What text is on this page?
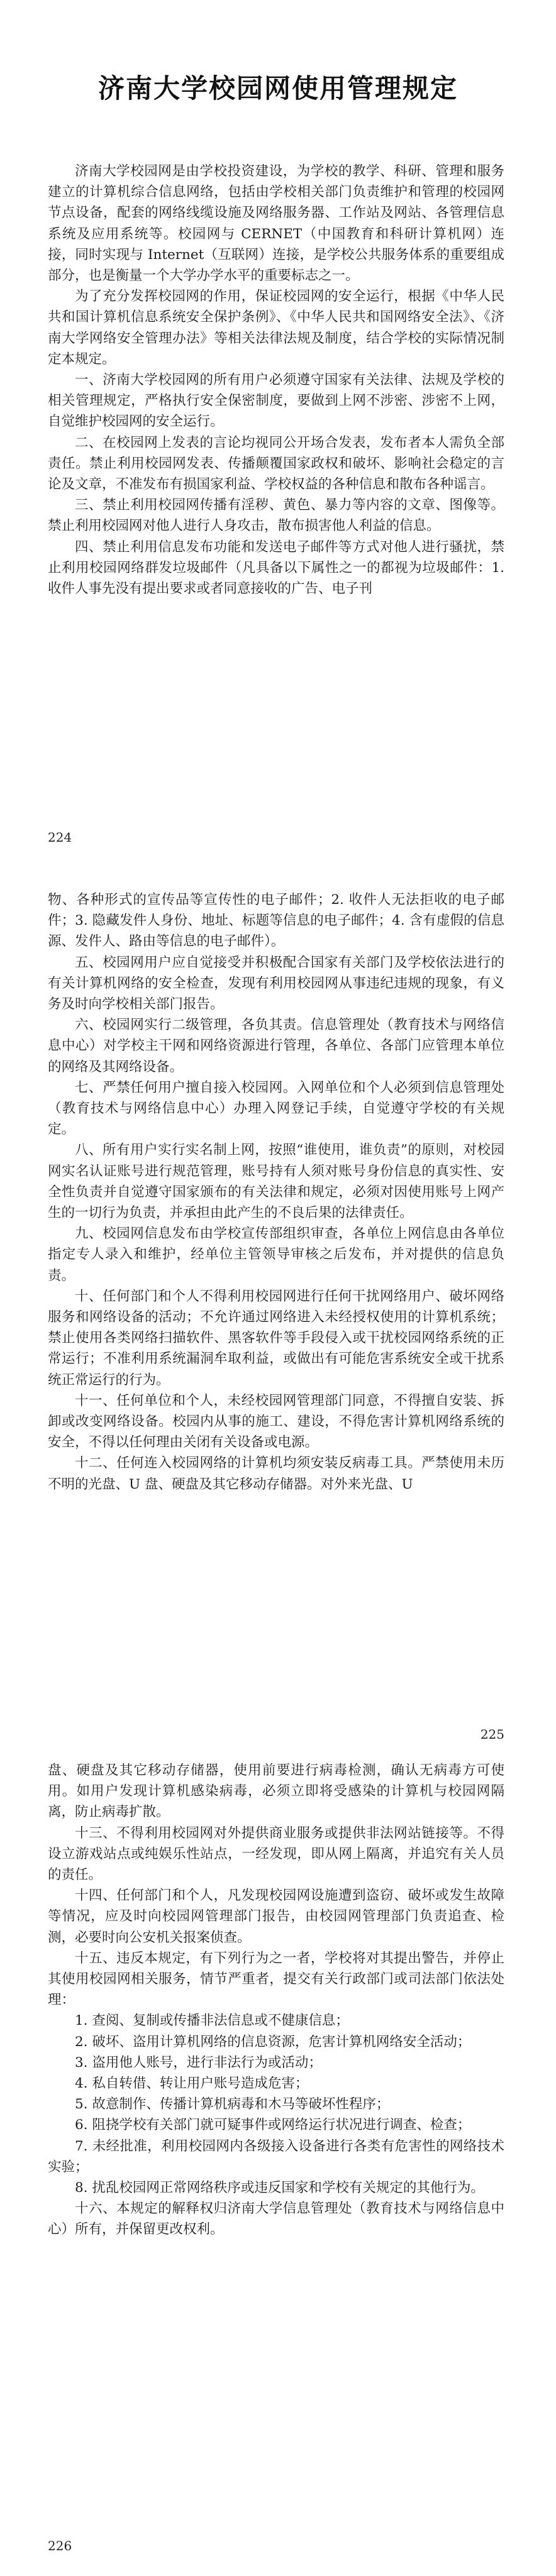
济南大学校园网使用管理规定

济南大学校园网是由学校投资建设，为学校的教学、科研、管理和服务建立的计算机综合信息网络，包括由学校相关部门负责维护和管理的校园网节点设备，配套的网络线缆设施及网络服务器、工作站及网站、各管理信息系统及应用系统等。校园网与 CERNET（中国教育和科研计算机网）连接，同时实现与 Internet（互联网）连接，是学校公共服务体系的重要组成部分，也是衡量一个大学办学水平的重要标志之一。

为了充分发挥校园网的作用，保证校园网的安全运行，根据《中华人民共和国计算机信息系统安全保护条例》、《中华人民共和国网络安全法》、《济南大学网络安全管理办法》等相关法律法规及制度，结合学校的实际情况制定本规定。

一、济南大学校园网的所有用户必须遵守国家有关法律、法规及学校的相关管理规定，严格执行安全保密制度，要做到上网不涉密、涉密不上网，自觉维护校园网的安全运行。

二、在校园网上发表的言论均视同公开场合发表，发布者本人需负全部责任。禁止利用校园网发表、传播颠覆国家政权和破坏、影响社会稳定的言论及文章，不准发布有损国家利益、学校权益的各种信息和散布各种谣言。

三、禁止利用校园网传播有淫秽、黄色、暴力等内容的文章、图像等。禁止利用校园网对他人进行人身攻击，散布损害他人利益的信息。

四、禁止利用信息发布功能和发送电子邮件等方式对他人进行骚扰，禁止利用校园网络群发垃圾邮件（凡具备以下属性之一的都视为垃圾邮件：1. 收件人事先没有提出要求或者同意接收的广告、电子刊

224

物、各种形式的宣传品等宣传性的电子邮件；2. 收件人无法拒收的电子邮件；3. 隐藏发件人身份、地址、标题等信息的电子邮件；4. 含有虚假的信息源、发件人、路由等信息的电子邮件）。

五、校园网用户应自觉接受并积极配合国家有关部门及学校依法进行的有关计算机网络的安全检查，发现有利用校园网从事违纪违规的现象，有义务及时向学校相关部门报告。

六、校园网实行二级管理，各负其责。信息管理处（教育技术与网络信息中心）对学校主干网和网络资源进行管理，各单位、各部门应管理本单位的网络及其网络设备。

七、严禁任何用户擅自接入校园网。入网单位和个人必须到信息管理处（教育技术与网络信息中心）办理入网登记手续，自觉遵守学校的有关规定。

八、所有用户实行实名制上网，按照“谁使用，谁负责”的原则，对校园网实名认证账号进行规范管理，账号持有人须对账号身份信息的真实性、安全性负责并自觉遵守国家颁布的有关法律和规定，必须对因使用账号上网产生的一切行为负责，并承担由此产生的不良后果的法律责任。

九、校园网信息发布由学校宣传部组织审查，各单位上网信息由各单位指定专人录入和维护，经单位主管领导审核之后发布，并对提供的信息负责。

十、任何部门和个人不得利用校园网进行任何干扰网络用户、破坏网络服务和网络设备的活动；不允许通过网络进入未经授权使用的计算机系统；禁止使用各类网络扫描软件、黑客软件等手段侵入或干扰校园网络系统的正常运行；不准利用系统漏洞牟取利益，或做出有可能危害系统安全或干扰系统正常运行的行为。

十一、任何单位和个人，未经校园网管理部门同意，不得擅自安装、拆卸或改变网络设备。校园内从事的施工、建设，不得危害计算机网络系统的安全，不得以任何理由关闭有关设备或电源。

十二、任何连入校园网络的计算机均须安装反病毒工具。严禁使用未历不明的光盘、U 盘、硬盘及其它移动存储器。对外来光盘、U

225

盘、硬盘及其它移动存储器，使用前要进行病毒检测，确认无病毒方可使用。如用户发现计算机感染病毒，必须立即将受感染的计算机与校园网隔离，防止病毒扩散。

十三、不得利用校园网对外提供商业服务或提供非法网站链接等。不得设立游戏站点或纯娱乐性站点，一经发现，即从网上隔离，并追究有关人员的责任。

十四、任何部门和个人，凡发现校园网设施遭到盗窃、破坏或发生故障等情况，应及时向校园网管理部门报告，由校园网管理部门负责追查、检测，必要时向公安机关报案侦查。

十五、违反本规定，有下列行为之一者，学校将对其提出警告，并停止其使用校园网相关服务，情节严重者，提交有关行政部门或司法部门依法处理：

1. 查阅、复制或传播非法信息或不健康信息；
2. 破坏、盗用计算机网络的信息资源，危害计算机网络安全活动；
3. 盗用他人账号，进行非法行为或活动；
4. 私自转借、转让用户账号造成危害；
5. 故意制作、传播计算机病毒和木马等破坏性程序；
6. 阻挠学校有关部门就可疑事件或网络运行状况进行调查、检查；
7. 未经批准，利用校园网内各级接入设备进行各类有危害性的网络技术实验；
8. 扰乱校园网正常网络秩序或违反国家和学校有关规定的其他行为。

十六、本规定的解释权归济南大学信息管理处（教育技术与网络信息中心）所有，并保留更改权利。

226
